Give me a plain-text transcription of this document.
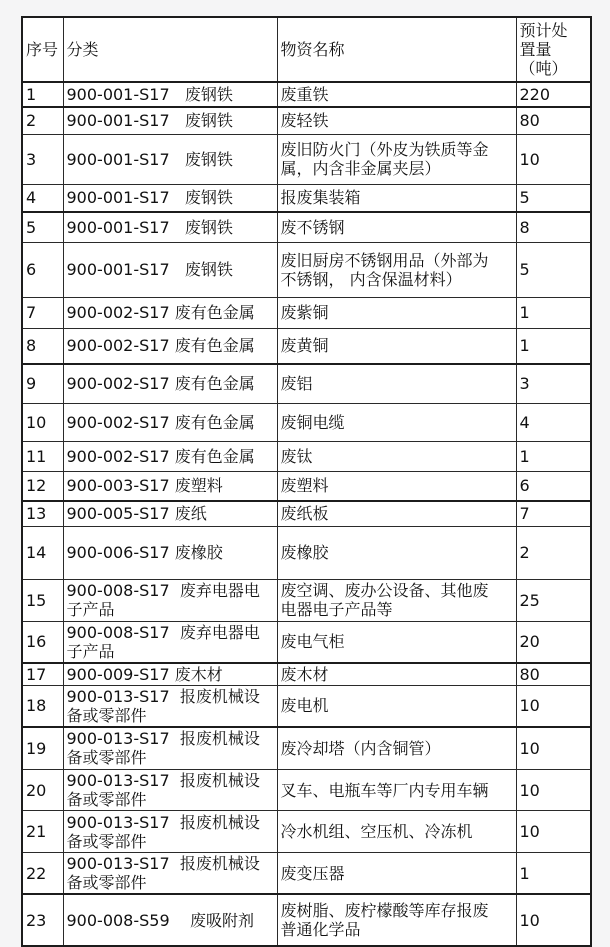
序号	分类	物资名称	预计处置量（吨）
1	900-001-S17   废钢铁	废重铁	220
2	900-001-S17   废钢铁	废轻铁	80
3	900-001-S17   废钢铁	废旧防火门（外皮为铁质等金属，内含非金属夹层）	10
4	900-001-S17   废钢铁	报废集装箱	5
5	900-001-S17   废钢铁	废不锈钢	8
6	900-001-S17   废钢铁	废旧厨房不锈钢用品（外部为不锈钢， 内含保温材料）	5
7	900-002-S17 废有色金属	废紫铜	1
8	900-002-S17 废有色金属	废黄铜	1
9	900-002-S17 废有色金属	废铝	3
10	900-002-S17 废有色金属	废铜电缆	4
11	900-002-S17 废有色金属	废钛	1
12	900-003-S17 废塑料	废塑料	6
13	900-005-S17 废纸	废纸板	7
14	900-006-S17 废橡胶	废橡胶	2
15	900-008-S17  废弃电器电子产品	废空调、废办公设备、其他废电器电子产品等	25
16	900-008-S17  废弃电器电子产品	废电气柜	20
17	900-009-S17 废木材	废木材	80
18	900-013-S17  报废机械设备或零部件	废电机	10
19	900-013-S17  报废机械设备或零部件	废冷却塔（内含铜管）	10
20	900-013-S17  报废机械设备或零部件	叉车、电瓶车等厂内专用车辆	10
21	900-013-S17  报废机械设备或零部件	冷水机组、空压机、冷冻机	10
22	900-013-S17  报废机械设备或零部件	废变压器	1
23	900-008-S59    废吸附剂	废树脂、废柠檬酸等库存报废普通化学品	10
